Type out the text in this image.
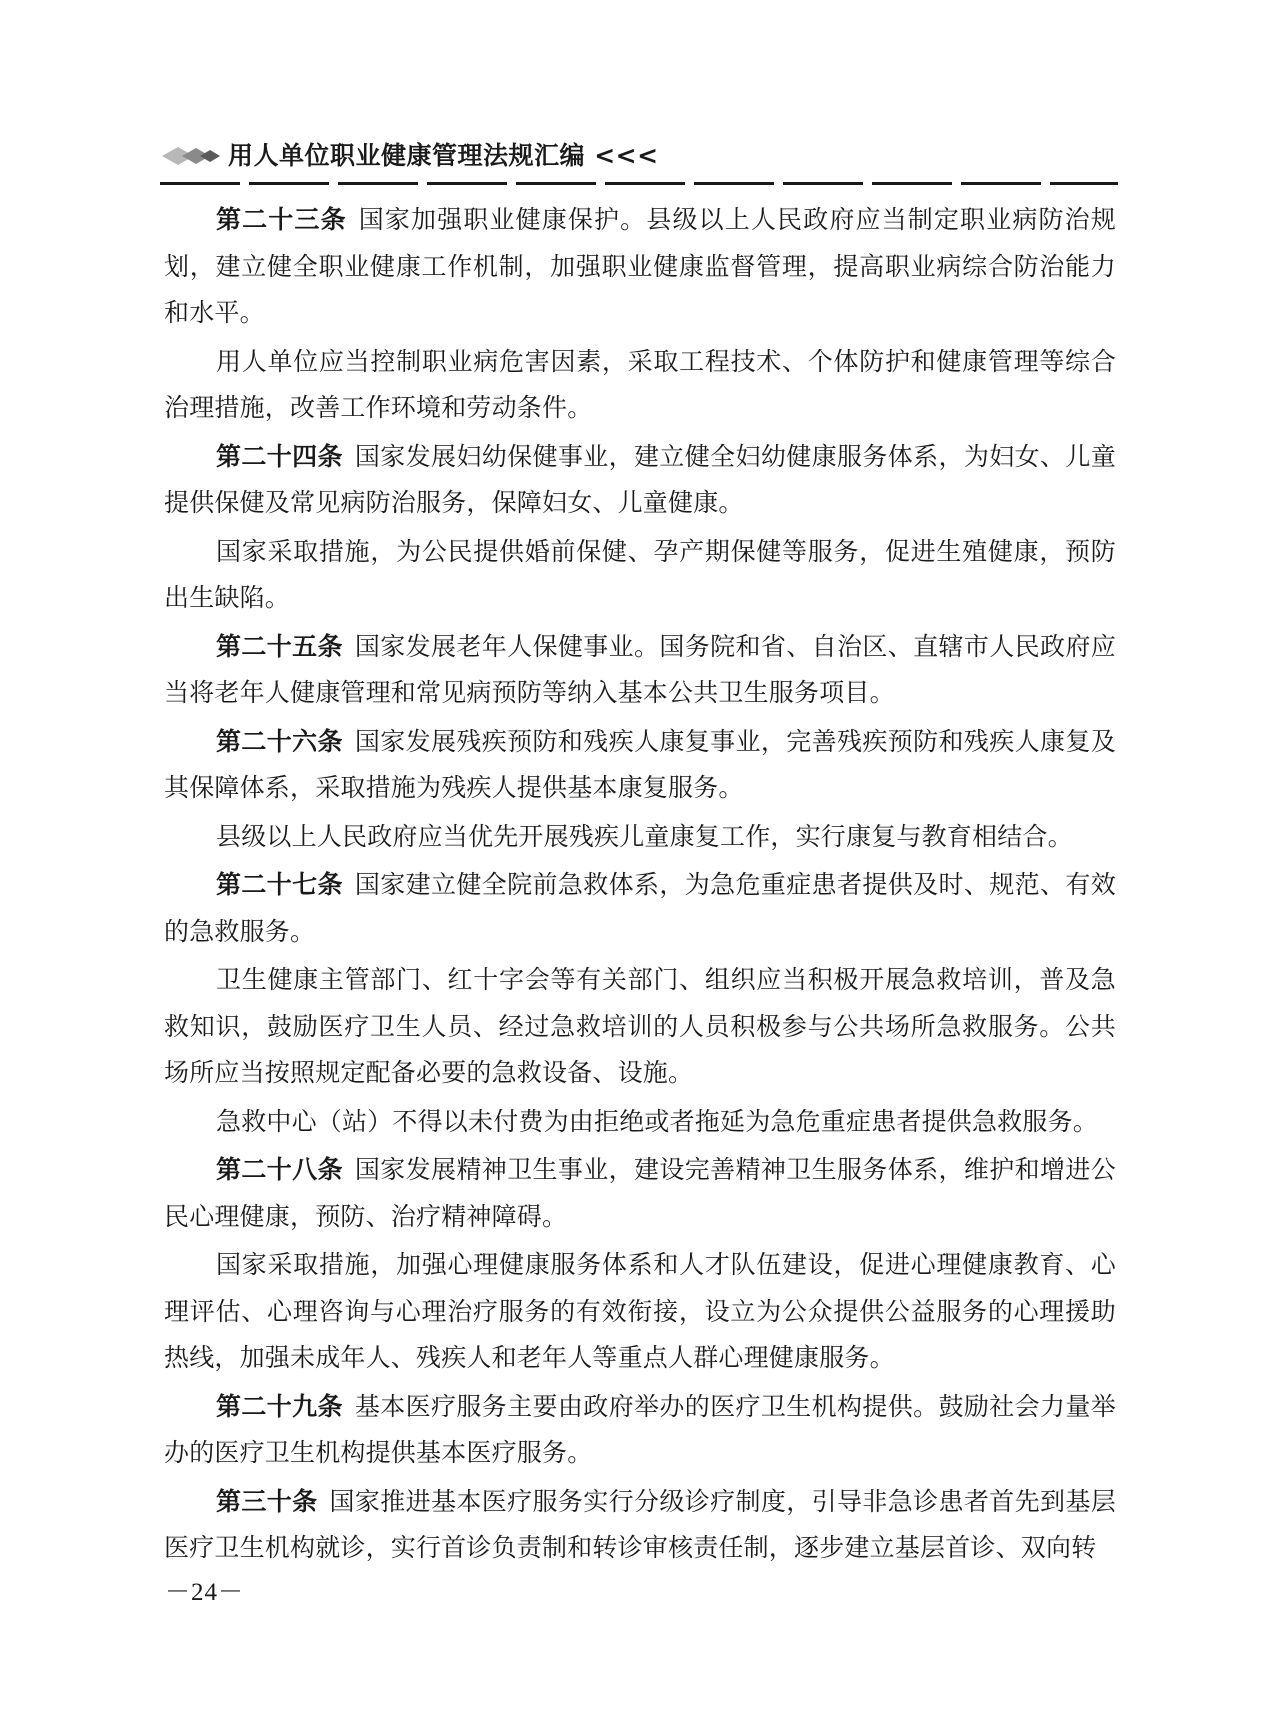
用人单位职业健康管理法规汇编 <<<

第二十三条 国家加强职业健康保护。县级以上人民政府应当制定职业病防治规划，建立健全职业健康工作机制，加强职业健康监督管理，提高职业病综合防治能力和水平。

用人单位应当控制职业病危害因素，采取工程技术、个体防护和健康管理等综合治理措施，改善工作环境和劳动条件。

第二十四条 国家发展妇幼保健事业，建立健全妇幼健康服务体系，为妇女、儿童提供保健及常见病防治服务，保障妇女、儿童健康。

国家采取措施，为公民提供婚前保健、孕产期保健等服务，促进生殖健康，预防出生缺陷。

第二十五条 国家发展老年人保健事业。国务院和省、自治区、直辖市人民政府应当将老年人健康管理和常见病预防等纳入基本公共卫生服务项目。

第二十六条 国家发展残疾预防和残疾人康复事业，完善残疾预防和残疾人康复及其保障体系，采取措施为残疾人提供基本康复服务。

县级以上人民政府应当优先开展残疾儿童康复工作，实行康复与教育相结合。

第二十七条 国家建立健全院前急救体系，为急危重症患者提供及时、规范、有效的急救服务。

卫生健康主管部门、红十字会等有关部门、组织应当积极开展急救培训，普及急救知识，鼓励医疗卫生人员、经过急救培训的人员积极参与公共场所急救服务。公共场所应当按照规定配备必要的急救设备、设施。

急救中心（站）不得以未付费为由拒绝或者拖延为急危重症患者提供急救服务。

第二十八条 国家发展精神卫生事业，建设完善精神卫生服务体系，维护和增进公民心理健康，预防、治疗精神障碍。

国家采取措施，加强心理健康服务体系和人才队伍建设，促进心理健康教育、心理评估、心理咨询与心理治疗服务的有效衔接，设立为公众提供公益服务的心理援助热线，加强未成年人、残疾人和老年人等重点人群心理健康服务。

第二十九条 基本医疗服务主要由政府举办的医疗卫生机构提供。鼓励社会力量举办的医疗卫生机构提供基本医疗服务。

第三十条 国家推进基本医疗服务实行分级诊疗制度，引导非急诊患者首先到基层医疗卫生机构就诊，实行首诊负责制和转诊审核责任制，逐步建立基层首诊、双向转

－24－
